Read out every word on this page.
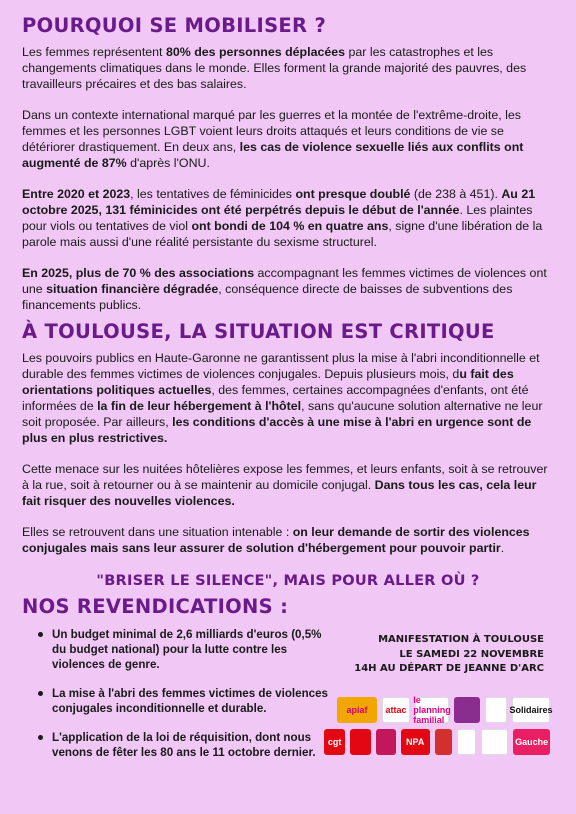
POURQUOI SE MOBILISER ?

Les femmes représentent 80% des personnes déplacées par les catastrophes et les changements climatiques dans le monde. Elles forment la grande majorité des pauvres, des travailleurs précaires et des bas salaires.

Dans un contexte international marqué par les guerres et la montée de l'extrême-droite, les femmes et les personnes LGBT voient leurs droits attaqués et leurs conditions de vie se détériorer drastiquement. En deux ans, les cas de violence sexuelle liés aux conflits ont augmenté de 87% d'après l'ONU.

Entre 2020 et 2023, les tentatives de féminicides ont presque doublé (de 238 à 451). Au 21 octobre 2025, 131 féminicides ont été perpétrés depuis le début de l'année. Les plaintes pour viols ou tentatives de viol ont bondi de 104 % en quatre ans, signe d'une libération de la parole mais aussi d'une réalité persistante du sexisme structurel.

En 2025, plus de 70 % des associations accompagnant les femmes victimes de violences ont une situation financière dégradée, conséquence directe de baisses de subventions des financements publics.

À TOULOUSE, LA SITUATION EST CRITIQUE

Les pouvoirs publics en Haute-Garonne ne garantissent plus la mise à l'abri inconditionnelle et durable des femmes victimes de violences conjugales. Depuis plusieurs mois, du fait des orientations politiques actuelles, des femmes, certaines accompagnées d'enfants, ont été informées de la fin de leur hébergement à l'hôtel, sans qu'aucune solution alternative ne leur soit proposée. Par ailleurs, les conditions d'accès à une mise à l'abri en urgence sont de plus en plus restrictives.

Cette menace sur les nuitées hôtelières expose les femmes, et leurs enfants, soit à se retrouver à la rue, soit à retourner ou à se maintenir au domicile conjugal. Dans tous les cas, cela leur fait risquer des nouvelles violences.

Elles se retrouvent dans une situation intenable : on leur demande de sortir des violences conjugales mais sans leur assurer de solution d'hébergement pour pouvoir partir.

"BRISER LE SILENCE", MAIS POUR ALLER OÙ ?
NOS REVENDICATIONS :
Un budget minimal de 2,6 milliards d'euros (0,5% du budget national) pour la lutte contre les violences de genre.
La mise à l'abri des femmes victimes de violences conjugales inconditionnelle et durable.
L'application de la loi de réquisition, dont nous venons de fêter les 80 ans le 11 octobre dernier.
MANIFESTATION À TOULOUSE
LE SAMEDI 22 NOVEMBRE
14H AU DÉPART DE JEANNE D'ARC
apiaf	attac
le planning familial
Solidaires
cgt	NPA	Gauche
